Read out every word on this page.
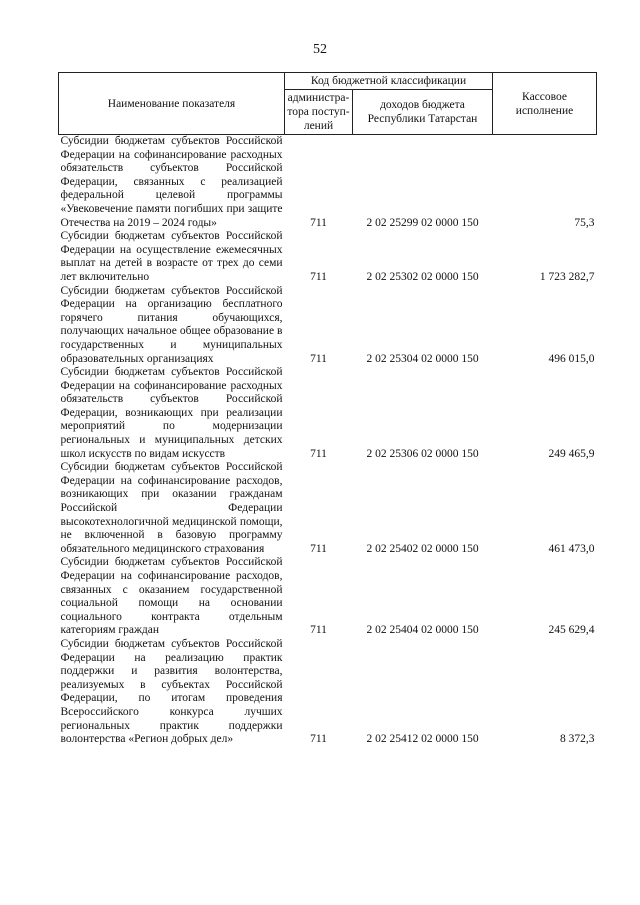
52
Наименование показателя	Код бюджетной классификации		Кассовое исполнение
	администра-тора поступ-лений	доходов бюджета Республики Татарстан	
Субсидии бюджетам субъектов Российской Федерации на софинансирование расходных обязательств субъектов Российской Федерации, связанных с реализацией федеральной целевой программы «Увековечение памяти погибших при защите Отечества на 2019 – 2024 годы»	711	2 02 25299 02 0000 150	75,3
Субсидии бюджетам субъектов Российской Федерации на осуществление ежемесячных выплат на детей в возрасте от трех до семи лет включительно	711	2 02 25302 02 0000 150	1 723 282,7
Субсидии бюджетам субъектов Российской Федерации на организацию бесплатного горячего питания обучающихся, получающих начальное общее образование в государственных и муниципальных образовательных организациях	711	2 02 25304 02 0000 150	496 015,0
Субсидии бюджетам субъектов Российской Федерации на софинансирование расходных обязательств субъектов Российской Федерации, возникающих при реализации мероприятий по модернизации региональных и муниципальных детских школ искусств по видам искусств	711	2 02 25306 02 0000 150	249 465,9
Субсидии бюджетам субъектов Российской Федерации на софинансирование расходов, возникающих при оказании гражданам Российской Федерации высокотехнологичной медицинской помощи, не включенной в базовую программу обязательного медицинского страхования	711	2 02 25402 02 0000 150	461 473,0
Субсидии бюджетам субъектов Российской Федерации на софинансирование расходов, связанных с оказанием государственной социальной помощи на основании социального контракта отдельным категориям граждан	711	2 02 25404 02 0000 150	245 629,4
Субсидии бюджетам субъектов Российской Федерации на реализацию практик поддержки и развития волонтерства, реализуемых в субъектах Российской Федерации, по итогам проведения Всероссийского конкурса лучших региональных практик поддержки волонтерства «Регион добрых дел»	711	2 02 25412 02 0000 150	8 372,3
